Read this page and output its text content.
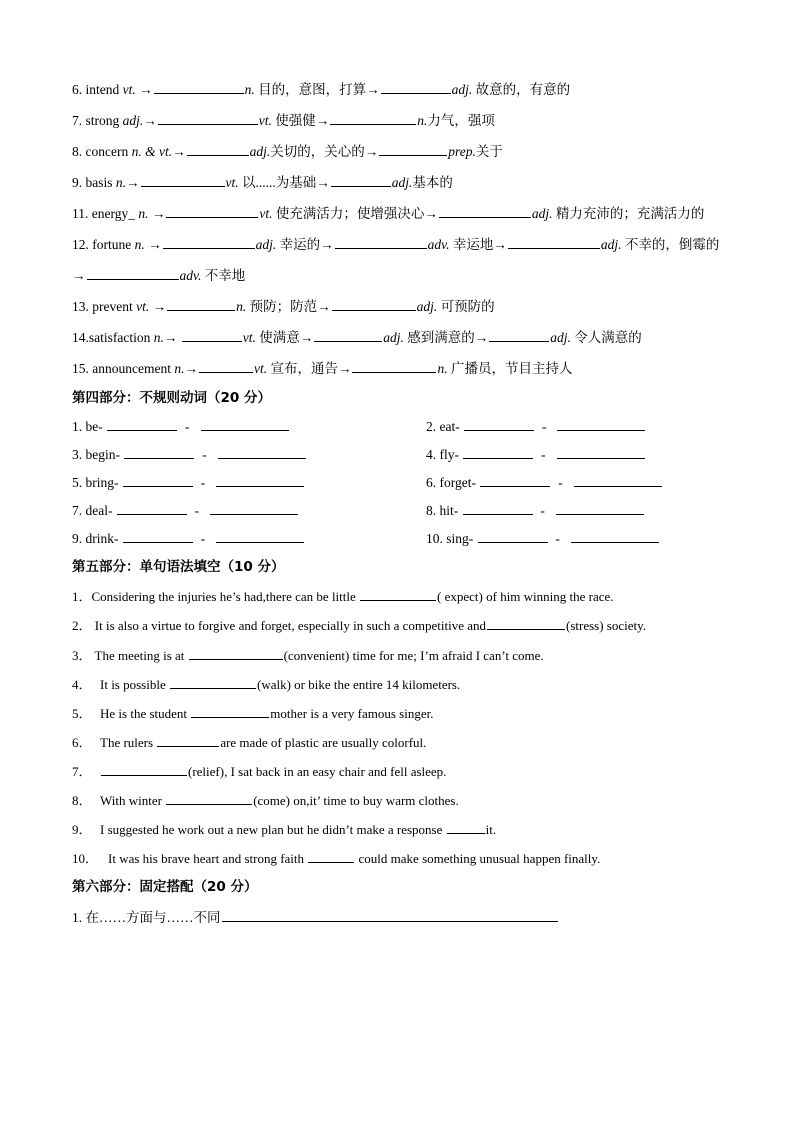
6. intend vt. →	n. 目的，意图，打算→	adj. 故意的，有意的
7. strong adj.→	vt. 使强健→	n.力气，强项
8. concern n. & vt.→	adj.关切的，关心的→	prep.关于
9. basis n.→	vt. 以......为基础→	adj.基本的
11. energy_ n. →	vt. 使充满活力；使增强决心→	adj. 精力充沛的；充满活力的
12. fortune n. →	adj. 幸运的→	adv. 幸运地→	adj. 不幸的，倒霉的→	adv. 不幸地
13. prevent vt. →	n. 预防；防范→	adj. 可预防的
14.satisfaction n.→	vt. 使满意→	adj. 感到满意的→	adj. 令人满意的
15. announcement n.→	vt. 宣布，通告→	n. 广播员，节目主持人
第四部分：不规则动词（20 分）
1. be-	-	2. eat-	-
3. begin-	-	4. fly-	-
5. bring-	-	6. forget-	-
7. deal-	-	8. hit-	-
9. drink-	-	10. sing-	-
第五部分：单句语法填空（10 分）
1．Considering the injuries he’s had,there can be little	( expect) of him winning the race.
2． It is also a virtue to forgive and forget, especially in such a competitive and	(stress) society.
3． The meeting is at	(convenient) time for me; I’m afraid I can’t come.
4． It is possible	(walk) or bike the entire 14 kilometers.
5． He is the student	mother is a very famous singer.
6． The rulers	are made of plastic are usually colorful.
7．	(relief), I sat back in an easy chair and fell asleep.
8． With winter	(come) on,it’ time to buy warm clothes.
9． I suggested he work out a new plan but he didn’t make a response	it.
10． It was his brave heart and strong faith	could make something unusual happen finally.
第六部分：固定搭配（20 分）
1. 在……方面与……不同
